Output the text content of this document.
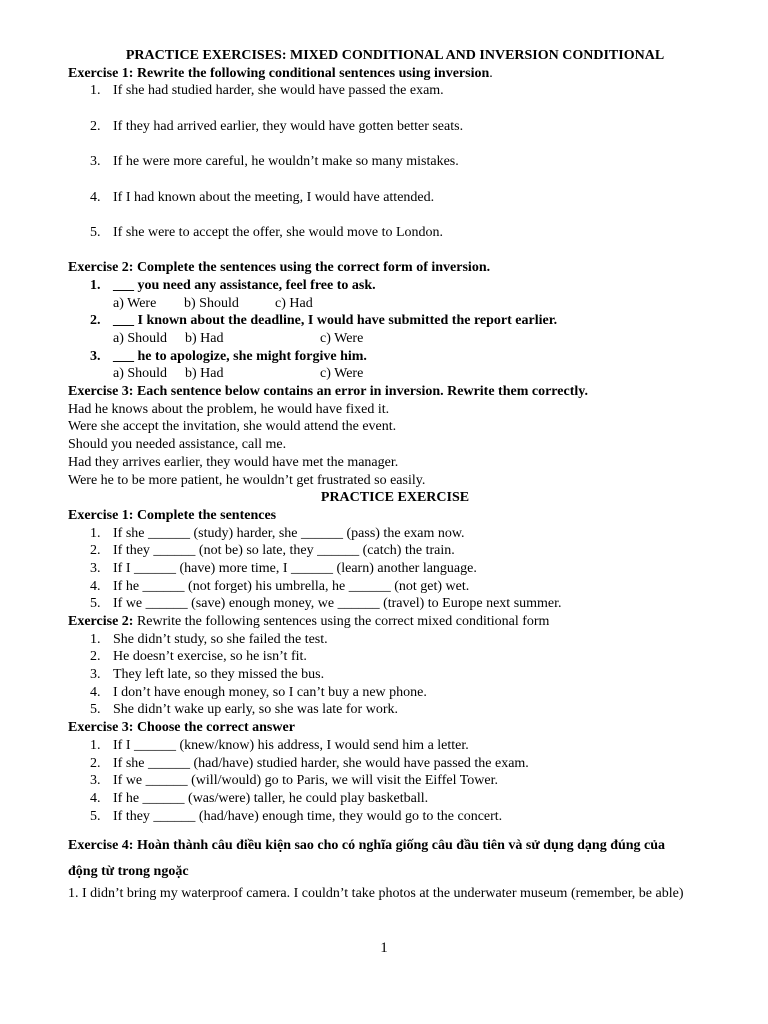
PRACTICE EXERCISES: MIXED CONDITIONAL AND INVERSION CONDITIONAL
Exercise 1: Rewrite the following conditional sentences using inversion.
1. If she had studied harder, she would have passed the exam.
2. If they had arrived earlier, they would have gotten better seats.
3. If he were more careful, he wouldn’t make so many mistakes.
4. If I had known about the meeting, I would have attended.
5. If she were to accept the offer, she would move to London.
Exercise 2: Complete the sentences using the correct form of inversion.
1. ___ you need any assistance, feel free to ask.
a) Were b) Should	c) Had
2. ___ I known about the deadline, I would have submitted the report earlier.
a) Should b) Had	c) Were
3. ___ he to apologize, she might forgive him.
a) Should b) Had	c) Were
Exercise 3: Each sentence below contains an error in inversion. Rewrite them correctly.
Had he knows about the problem, he would have fixed it.
Were she accept the invitation, she would attend the event.
Should you needed assistance, call me.
Had they arrives earlier, they would have met the manager.
Were he to be more patient, he wouldn’t get frustrated so easily.
PRACTICE EXERCISE
Exercise 1: Complete the sentences
1. If she ______ (study) harder, she ______ (pass) the exam now.
2. If they ______ (not be) so late, they ______ (catch) the train.
3. If I ______ (have) more time, I ______ (learn) another language.
4. If he ______ (not forget) his umbrella, he ______ (not get) wet.
5. If we ______ (save) enough money, we ______ (travel) to Europe next summer.
Exercise 2: Rewrite the following sentences using the correct mixed conditional form
1. She didn’t study, so she failed the test.
2. He doesn’t exercise, so he isn’t fit.
3. They left late, so they missed the bus.
4. I don’t have enough money, so I can’t buy a new phone.
5. She didn’t wake up early, so she was late for work.
Exercise 3: Choose the correct answer
1. If I ______ (knew/know) his address, I would send him a letter.
2. If she ______ (had/have) studied harder, she would have passed the exam.
3. If we ______ (will/would) go to Paris, we will visit the Eiffel Tower.
4. If he ______ (was/were) taller, he could play basketball.
5. If they ______ (had/have) enough time, they would go to the concert.
Exercise 4: Hoàn thành câu điều kiện sao cho có nghĩa giống câu đầu tiên và sử dụng dạng đúng của
động từ trong ngoặc
1. I didn’t bring my waterproof camera. I couldn’t take photos at the underwater museum (remember, be able)
1
